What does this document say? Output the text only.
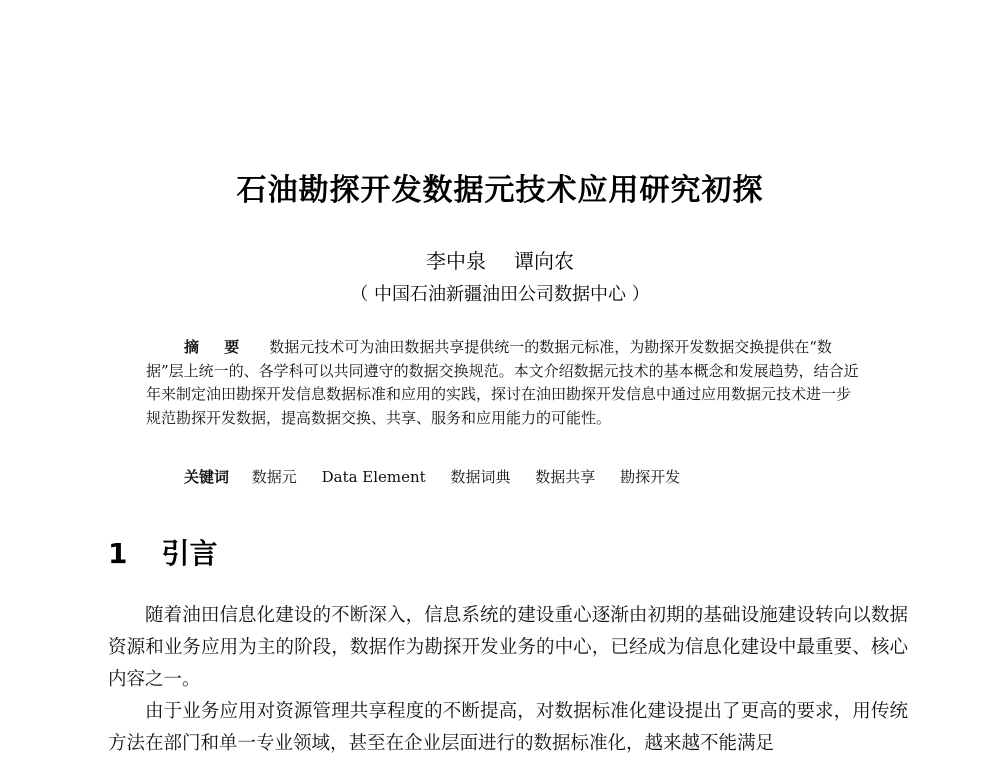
石油勘探开发数据元技术应用研究初探
李中泉 谭向农
（ 中国石油新疆油田公司数据中心 ）
摘 要 数据元技术可为油田数据共享提供统一的数据元标准，为勘探开发数据交换提供在“数据”层上统一的、各学科可以共同遵守的数据交换规范。本文介绍数据元技术的基本概念和发展趋势，结合近年来制定油田勘探开发信息数据标准和应用的实践，探讨在油田勘探开发信息中通过应用数据元技术进一步规范勘探开发数据，提高数据交换、共享、服务和应用能力的可能性。
关键词 数据元 Data Element 数据词典 数据共享 勘探开发
1 引言

随着油田信息化建设的不断深入，信息系统的建设重心逐渐由初期的基础设施建设转向以数据资源和业务应用为主的阶段，数据作为勘探开发业务的中心，已经成为信息化建设中最重要、核心内容之一。

由于业务应用对资源管理共享程度的不断提高，对数据标准化建设提出了更高的要求，用传统方法在部门和单一专业领域，甚至在企业层面进行的数据标准化，越来越不能满足
